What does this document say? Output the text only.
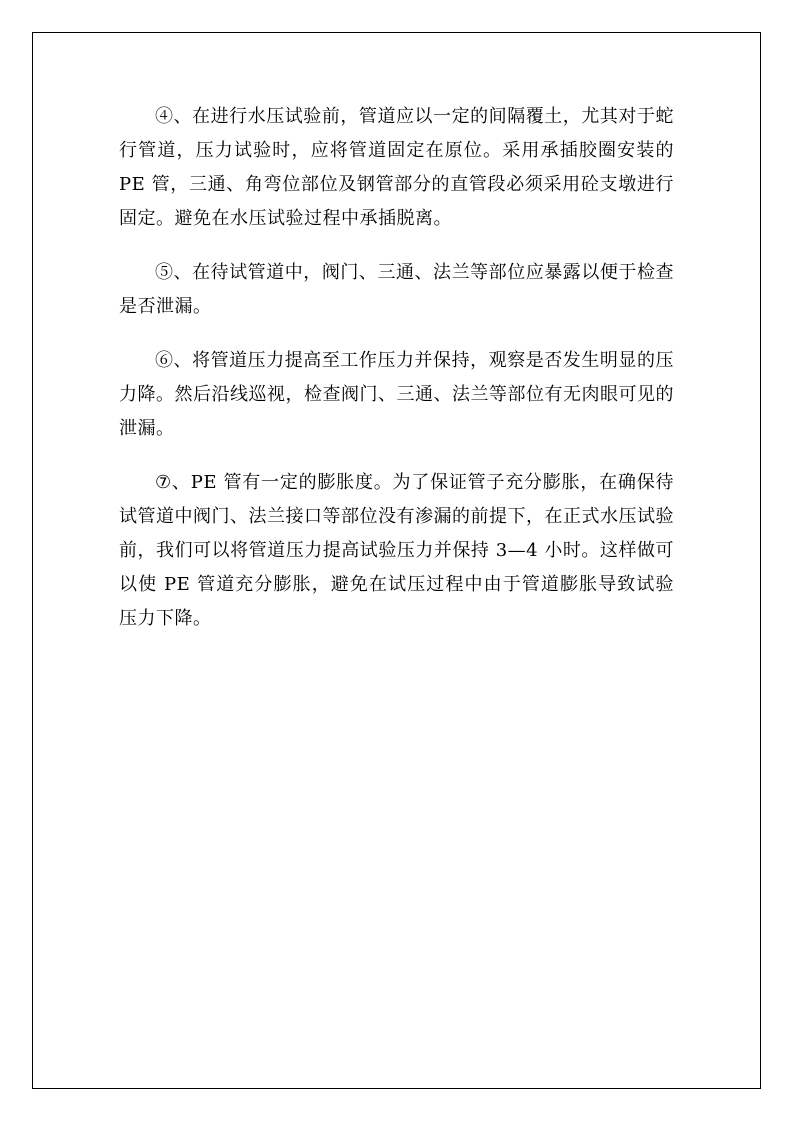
④、在进行水压试验前，管道应以一定的间隔覆土，尤其对于蛇行管道，压力试验时，应将管道固定在原位。采用承插胶圈安装的 PE 管，三通、角弯位部位及钢管部分的直管段必须采用砼支墩进行固定。避免在水压试验过程中承插脱离。

⑤、在待试管道中，阀门、三通、法兰等部位应暴露以便于检查是否泄漏。

⑥、将管道压力提高至工作压力并保持，观察是否发生明显的压力降。然后沿线巡视，检查阀门、三通、法兰等部位有无肉眼可见的泄漏。

⑦、PE 管有一定的膨胀度。为了保证管子充分膨胀，在确保待试管道中阀门、法兰接口等部位没有渗漏的前提下，在正式水压试验前，我们可以将管道压力提高试验压力并保持 3—4 小时。这样做可以使 PE 管道充分膨胀，避免在试压过程中由于管道膨胀导致试验压力下降。
